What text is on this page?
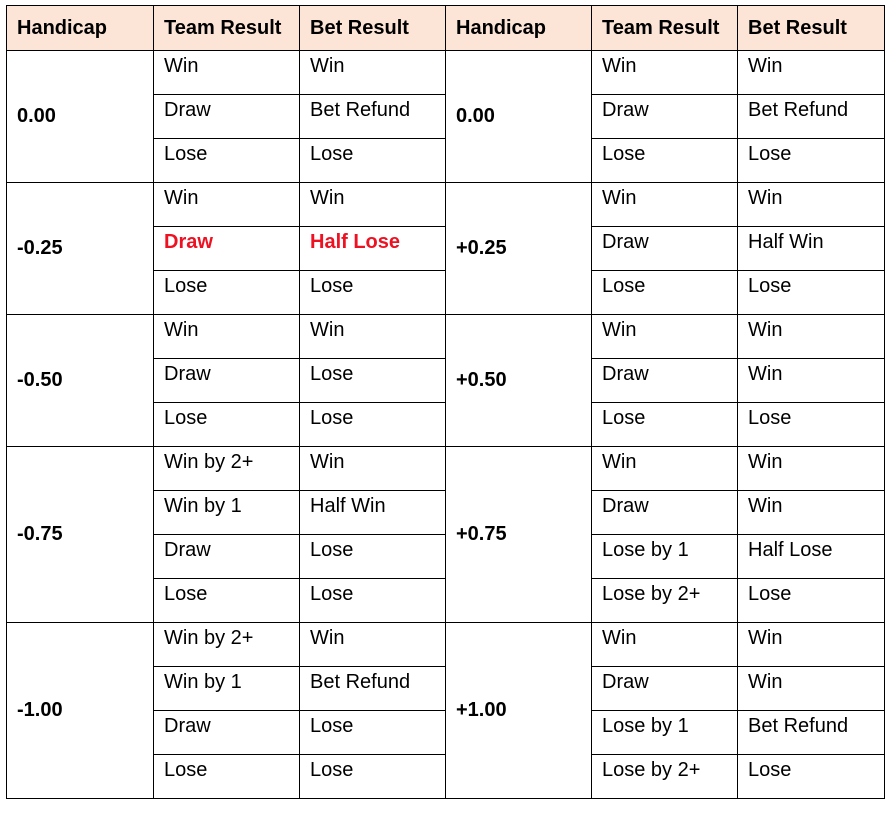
Handicap	Team Result	Bet Result	Handicap	Team Result	Bet Result
0.00	Win	Win	0.00	Win	Win
	Draw	Bet Refund		Draw	Bet Refund
	Lose	Lose		Lose	Lose
-0.25	Win	Win	+0.25	Win	Win
	Draw	Half Lose		Draw	Half Win
	Lose	Lose		Lose	Lose
-0.50	Win	Win	+0.50	Win	Win
	Draw	Lose		Draw	Win
	Lose	Lose		Lose	Lose
-0.75	Win by 2+	Win	+0.75	Win	Win
	Win by 1	Half Win		Draw	Win
	Draw	Lose		Lose by 1	Half Lose
	Lose	Lose		Lose by 2+	Lose
-1.00	Win by 2+	Win	+1.00	Win	Win
	Win by 1	Bet Refund		Draw	Win
	Draw	Lose		Lose by 1	Bet Refund
	Lose	Lose		Lose by 2+	Lose
